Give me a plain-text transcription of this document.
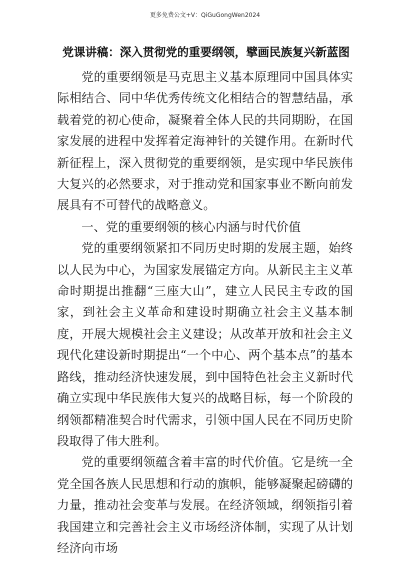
更多免费公文+V：QiGuGongWen2024
党课讲稿：深入贯彻党的重要纲领，擘画民族复兴新蓝图

党的重要纲领是马克思主义基本原理同中国具体实际相结合、同中华优秀传统文化相结合的智慧结晶，承载着党的初心使命，凝聚着全体人民的共同期盼，在国家发展的进程中发挥着定海神针的关键作用。在新时代新征程上，深入贯彻党的重要纲领，是实现中华民族伟大复兴的必然要求，对于推动党和国家事业不断向前发展具有不可替代的战略意义。

一、党的重要纲领的核心内涵与时代价值

党的重要纲领紧扣不同历史时期的发展主题，始终以人民为中心，为国家发展锚定方向。从新民主主义革命时期提出推翻“三座大山”，建立人民民主专政的国家，到社会主义革命和建设时期确立社会主义基本制度，开展大规模社会主义建设；从改革开放和社会主义现代化建设新时期提出“一个中心、两个基本点”的基本路线，推动经济快速发展，到中国特色社会主义新时代确立实现中华民族伟大复兴的战略目标，每一个阶段的纲领都精准契合时代需求，引领中国人民在不同历史阶段取得了伟大胜利。

党的重要纲领蕴含着丰富的时代价值。它是统一全党全国各族人民思想和行动的旗帜，能够凝聚起磅礴的力量，推动社会变革与发展。在经济领域，纲领指引着我国建立和完善社会主义市场经济体制，实现了从计划经济向市场
